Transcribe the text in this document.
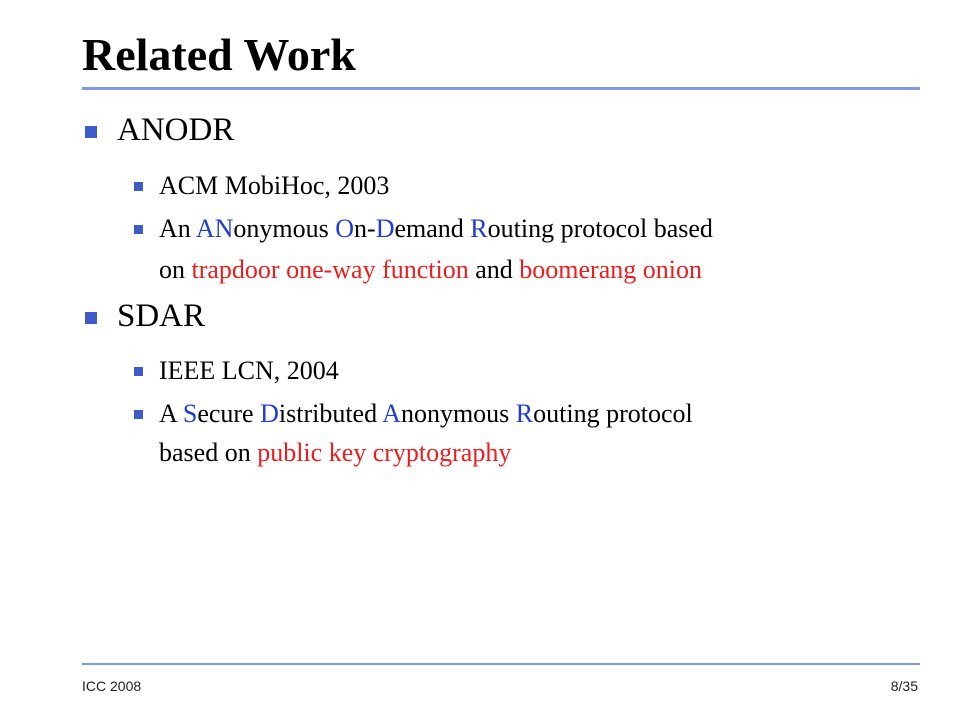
Related Work
ANODR
ACM MobiHoc, 2003
An ANonymous On-Demand Routing protocol based
on trapdoor one-way function and boomerang onion
SDAR
IEEE LCN, 2004
A Secure Distributed Anonymous Routing protocol
based on public key cryptography
ICC 2008	8/35
